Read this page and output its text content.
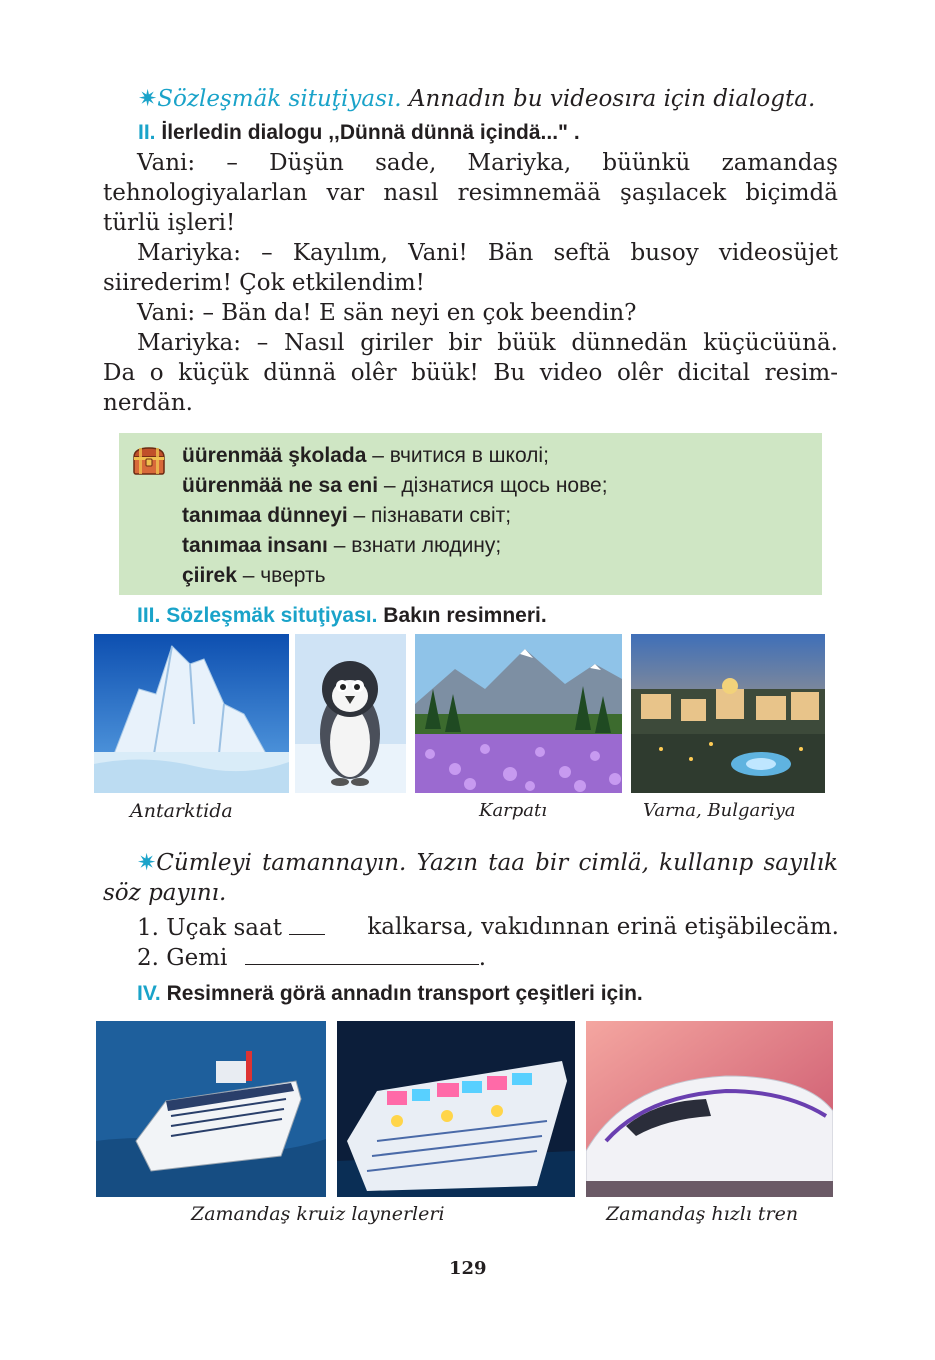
✷Sözleşmäk situţiyası. Annadın bu videosıra için dialogta.
II. İlerledin dialogu ,,Dünnä dünnä içindä..." .
Vani: – Düşün sade, Mariyka, büünkü zamandaş
tehnologiyalarlan var nasıl resimnemää şaşılacek biçimdä
türlü işleri!
Mariyka: – Kayılım, Vani! Bän seftä busoy videosüjet
siirederim! Çok etkilendim!
Vani: – Bän da! E sän neyi en çok beendin?
Mariyka: – Nasıl giriler bir büük dünnedän küçücüünä.
Da o küçük dünnä olêr büük! Bu video olêr dicital resim-
nerdän.
üürenmää şkolada – вчитися в школі;
üürenmää ne sa eni – дізнатися щось нове;
tanımaa dünneyi – пізнавати світ;
tanımaa insanı – взнати людину;
çiirek – чверть
III. Sözleşmäk situţiyası. Bakın resimneri.
Antarktida	Karpatı	Varna, Bulgariya
✷Cümleyi tamannayın. Yazın taa bir cimlä, kullanıp sayılık
söz payını.
1. Uçak saat	kalkarsa, vakıdınnan erinä etişäbilecäm.
2. Gemi	.
IV. Resimnerä görä annadın transport çeşitleri için.
Zamandaş kruiz laynerleri	Zamandaş hızlı tren
129
